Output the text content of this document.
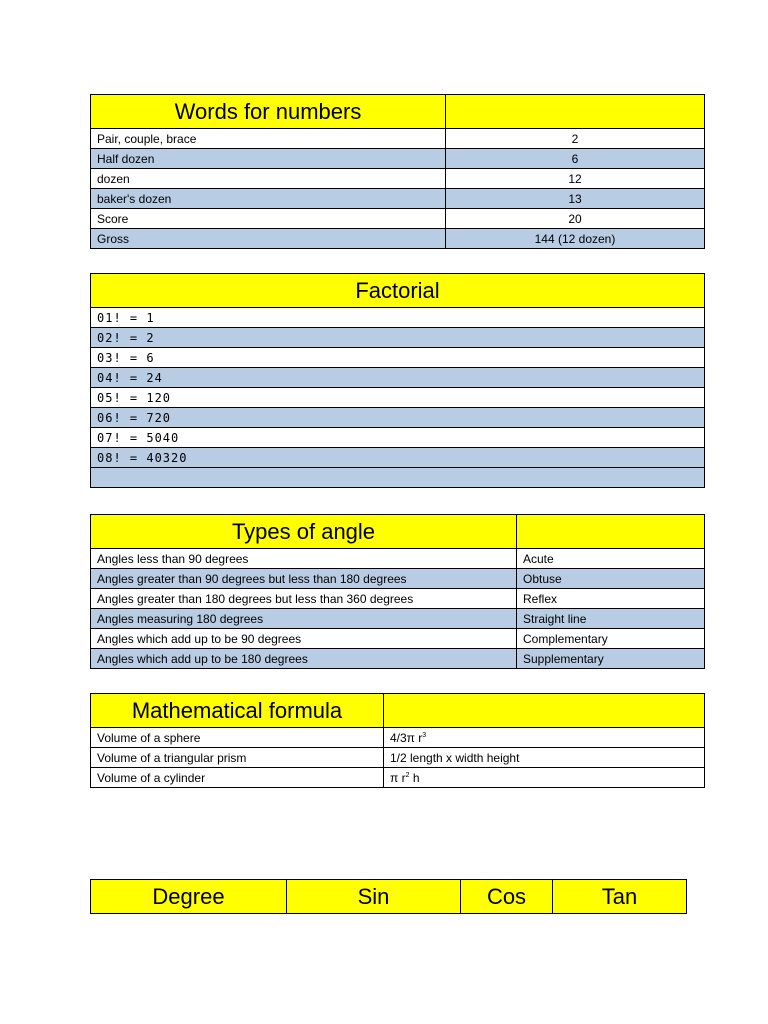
Words for numbers	
Pair, couple, brace	2
Half dozen	6
dozen	12
baker's dozen	13
Score	20
Gross	144 (12 dozen)
Factorial
01! = 1
02! = 2
03! = 6
04! = 24
05! = 120
06! = 720
07! = 5040
08! = 40320

Types of angle	
Angles less than 90 degrees	Acute
Angles greater than 90 degrees but less than 180 degrees	Obtuse
Angles greater than 180 degrees but less than 360 degrees	Reflex
Angles measuring 180 degrees	Straight line
Angles which add up to be 90 degrees	Complementary
Angles which add up to be 180 degrees	Supplementary
Mathematical formula	
Volume of a sphere	4/3π $r^3$
Volume of a triangular prism	1/2 length x width height
Volume of a cylinder	π $r^2$ h
Degree	Sin	Cos	Tan
